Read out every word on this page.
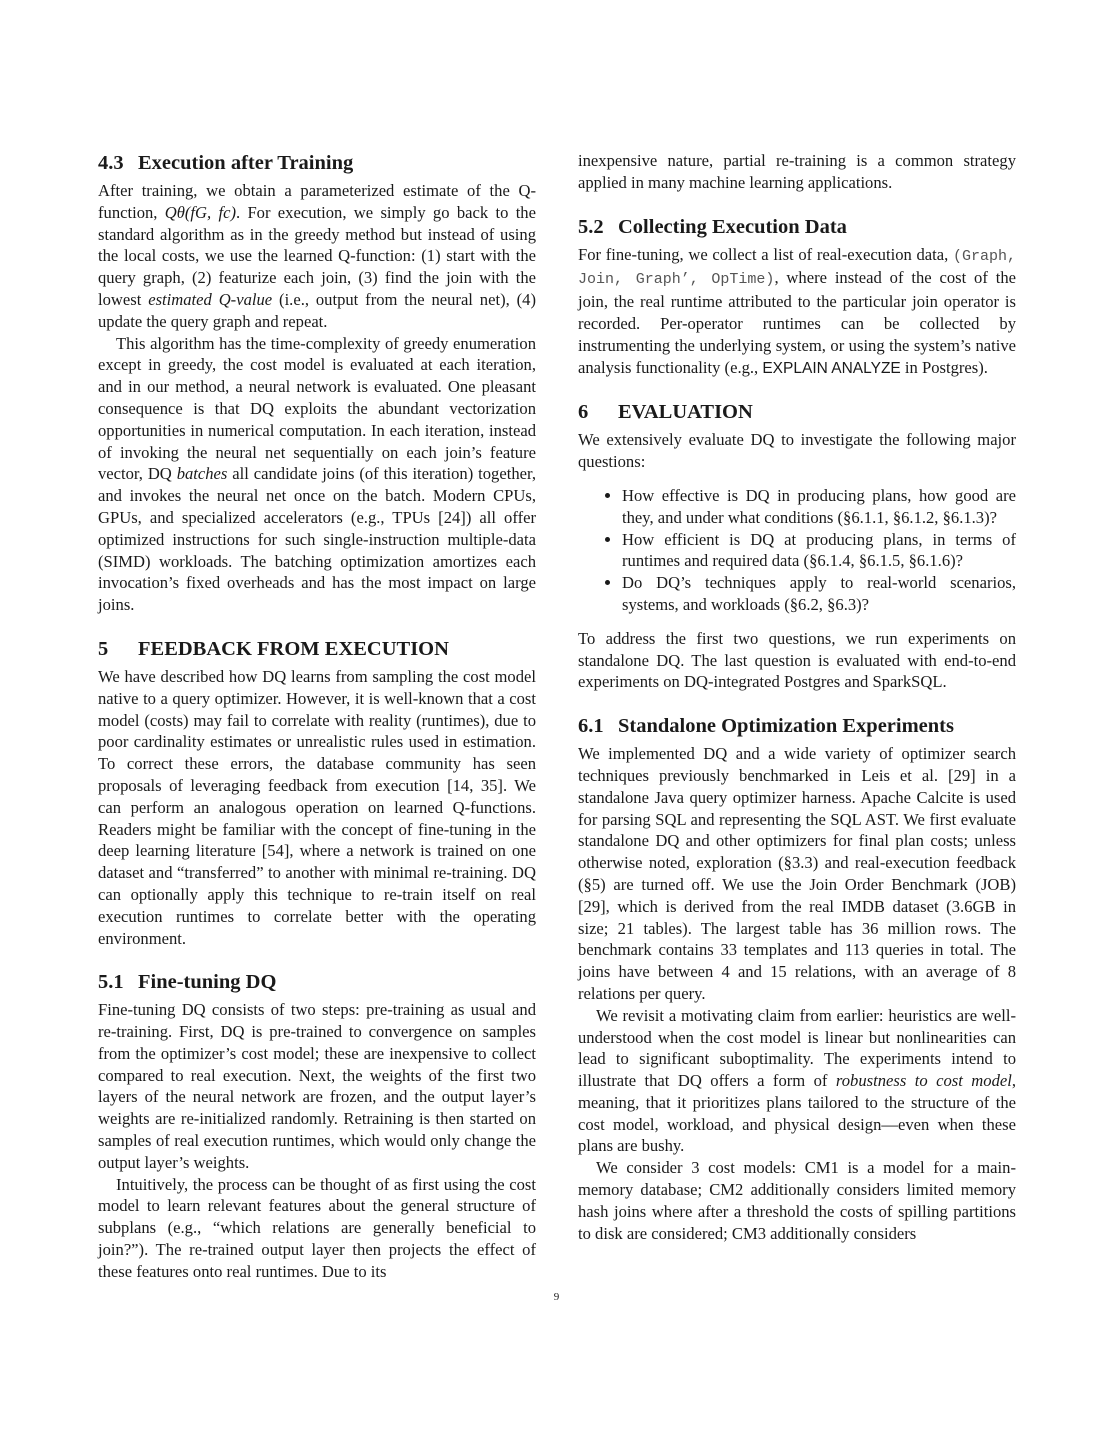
4.3 Execution after Training

After training, we obtain a parameterized estimate of the Q-function, Qθ(fG, fc). For execution, we simply go back to the standard algorithm as in the greedy method but instead of using the local costs, we use the learned Q-function: (1) start with the query graph, (2) featurize each join, (3) find the join with the lowest estimated Q-value (i.e., output from the neural net), (4) update the query graph and repeat.

This algorithm has the time-complexity of greedy enumeration except in greedy, the cost model is evaluated at each iteration, and in our method, a neural network is evaluated. One pleasant consequence is that DQ exploits the abundant vectorization opportunities in numerical computation. In each iteration, instead of invoking the neural net sequentially on each join’s feature vector, DQ batches all candidate joins (of this iteration) together, and invokes the neural net once on the batch. Modern CPUs, GPUs, and specialized accelerators (e.g., TPUs [24]) all offer optimized instructions for such single-instruction multiple-data (SIMD) workloads. The batching optimization amortizes each invocation’s fixed overheads and has the most impact on large joins.

5 FEEDBACK FROM EXECUTION

We have described how DQ learns from sampling the cost model native to a query optimizer. However, it is well-known that a cost model (costs) may fail to correlate with reality (runtimes), due to poor cardinality estimates or unrealistic rules used in estimation. To correct these errors, the database community has seen proposals of leveraging feedback from execution [14, 35]. We can perform an analogous operation on learned Q-functions. Readers might be familiar with the concept of fine-tuning in the deep learning literature [54], where a network is trained on one dataset and “transferred” to another with minimal re-training. DQ can optionally apply this technique to re-train itself on real execution runtimes to correlate better with the operating environment.

5.1 Fine-tuning DQ

Fine-tuning DQ consists of two steps: pre-training as usual and re-training. First, DQ is pre-trained to convergence on samples from the optimizer’s cost model; these are inexpensive to collect compared to real execution. Next, the weights of the first two layers of the neural network are frozen, and the output layer’s weights are re-initialized randomly. Retraining is then started on samples of real execution runtimes, which would only change the output layer’s weights.

Intuitively, the process can be thought of as first using the cost model to learn relevant features about the general structure of subplans (e.g., “which relations are generally beneficial to join?”). The re-trained output layer then projects the effect of these features onto real runtimes. Due to its

inexpensive nature, partial re-training is a common strategy applied in many machine learning applications.

5.2 Collecting Execution Data

For fine-tuning, we collect a list of real-execution data, (Graph, Join, Graph’, OpTime), where instead of the cost of the join, the real runtime attributed to the particular join operator is recorded. Per-operator runtimes can be collected by instrumenting the underlying system, or using the system’s native analysis functionality (e.g., EXPLAIN ANALYZE in Postgres).

6 EVALUATION

We extensively evaluate DQ to investigate the following major questions:

• How effective is DQ in producing plans, how good are they, and under what conditions (§6.1.1, §6.1.2, §6.1.3)?
• How efficient is DQ at producing plans, in terms of runtimes and required data (§6.1.4, §6.1.5, §6.1.6)?
• Do DQ’s techniques apply to real-world scenarios, systems, and workloads (§6.2, §6.3)?

To address the first two questions, we run experiments on standalone DQ. The last question is evaluated with end-to-end experiments on DQ-integrated Postgres and SparkSQL.

6.1 Standalone Optimization Experiments

We implemented DQ and a wide variety of optimizer search techniques previously benchmarked in Leis et al. [29] in a standalone Java query optimizer harness. Apache Calcite is used for parsing SQL and representing the SQL AST. We first evaluate standalone DQ and other optimizers for final plan costs; unless otherwise noted, exploration (§3.3) and real-execution feedback (§5) are turned off. We use the Join Order Benchmark (JOB) [29], which is derived from the real IMDB dataset (3.6GB in size; 21 tables). The largest table has 36 million rows. The benchmark contains 33 templates and 113 queries in total. The joins have between 4 and 15 relations, with an average of 8 relations per query.

We revisit a motivating claim from earlier: heuristics are well-understood when the cost model is linear but nonlinearities can lead to significant suboptimality. The experiments intend to illustrate that DQ offers a form of robustness to cost model, meaning, that it prioritizes plans tailored to the structure of the cost model, workload, and physical design—even when these plans are bushy.

We consider 3 cost models: CM1 is a model for a main-memory database; CM2 additionally considers limited memory hash joins where after a threshold the costs of spilling partitions to disk are considered; CM3 additionally considers

9
